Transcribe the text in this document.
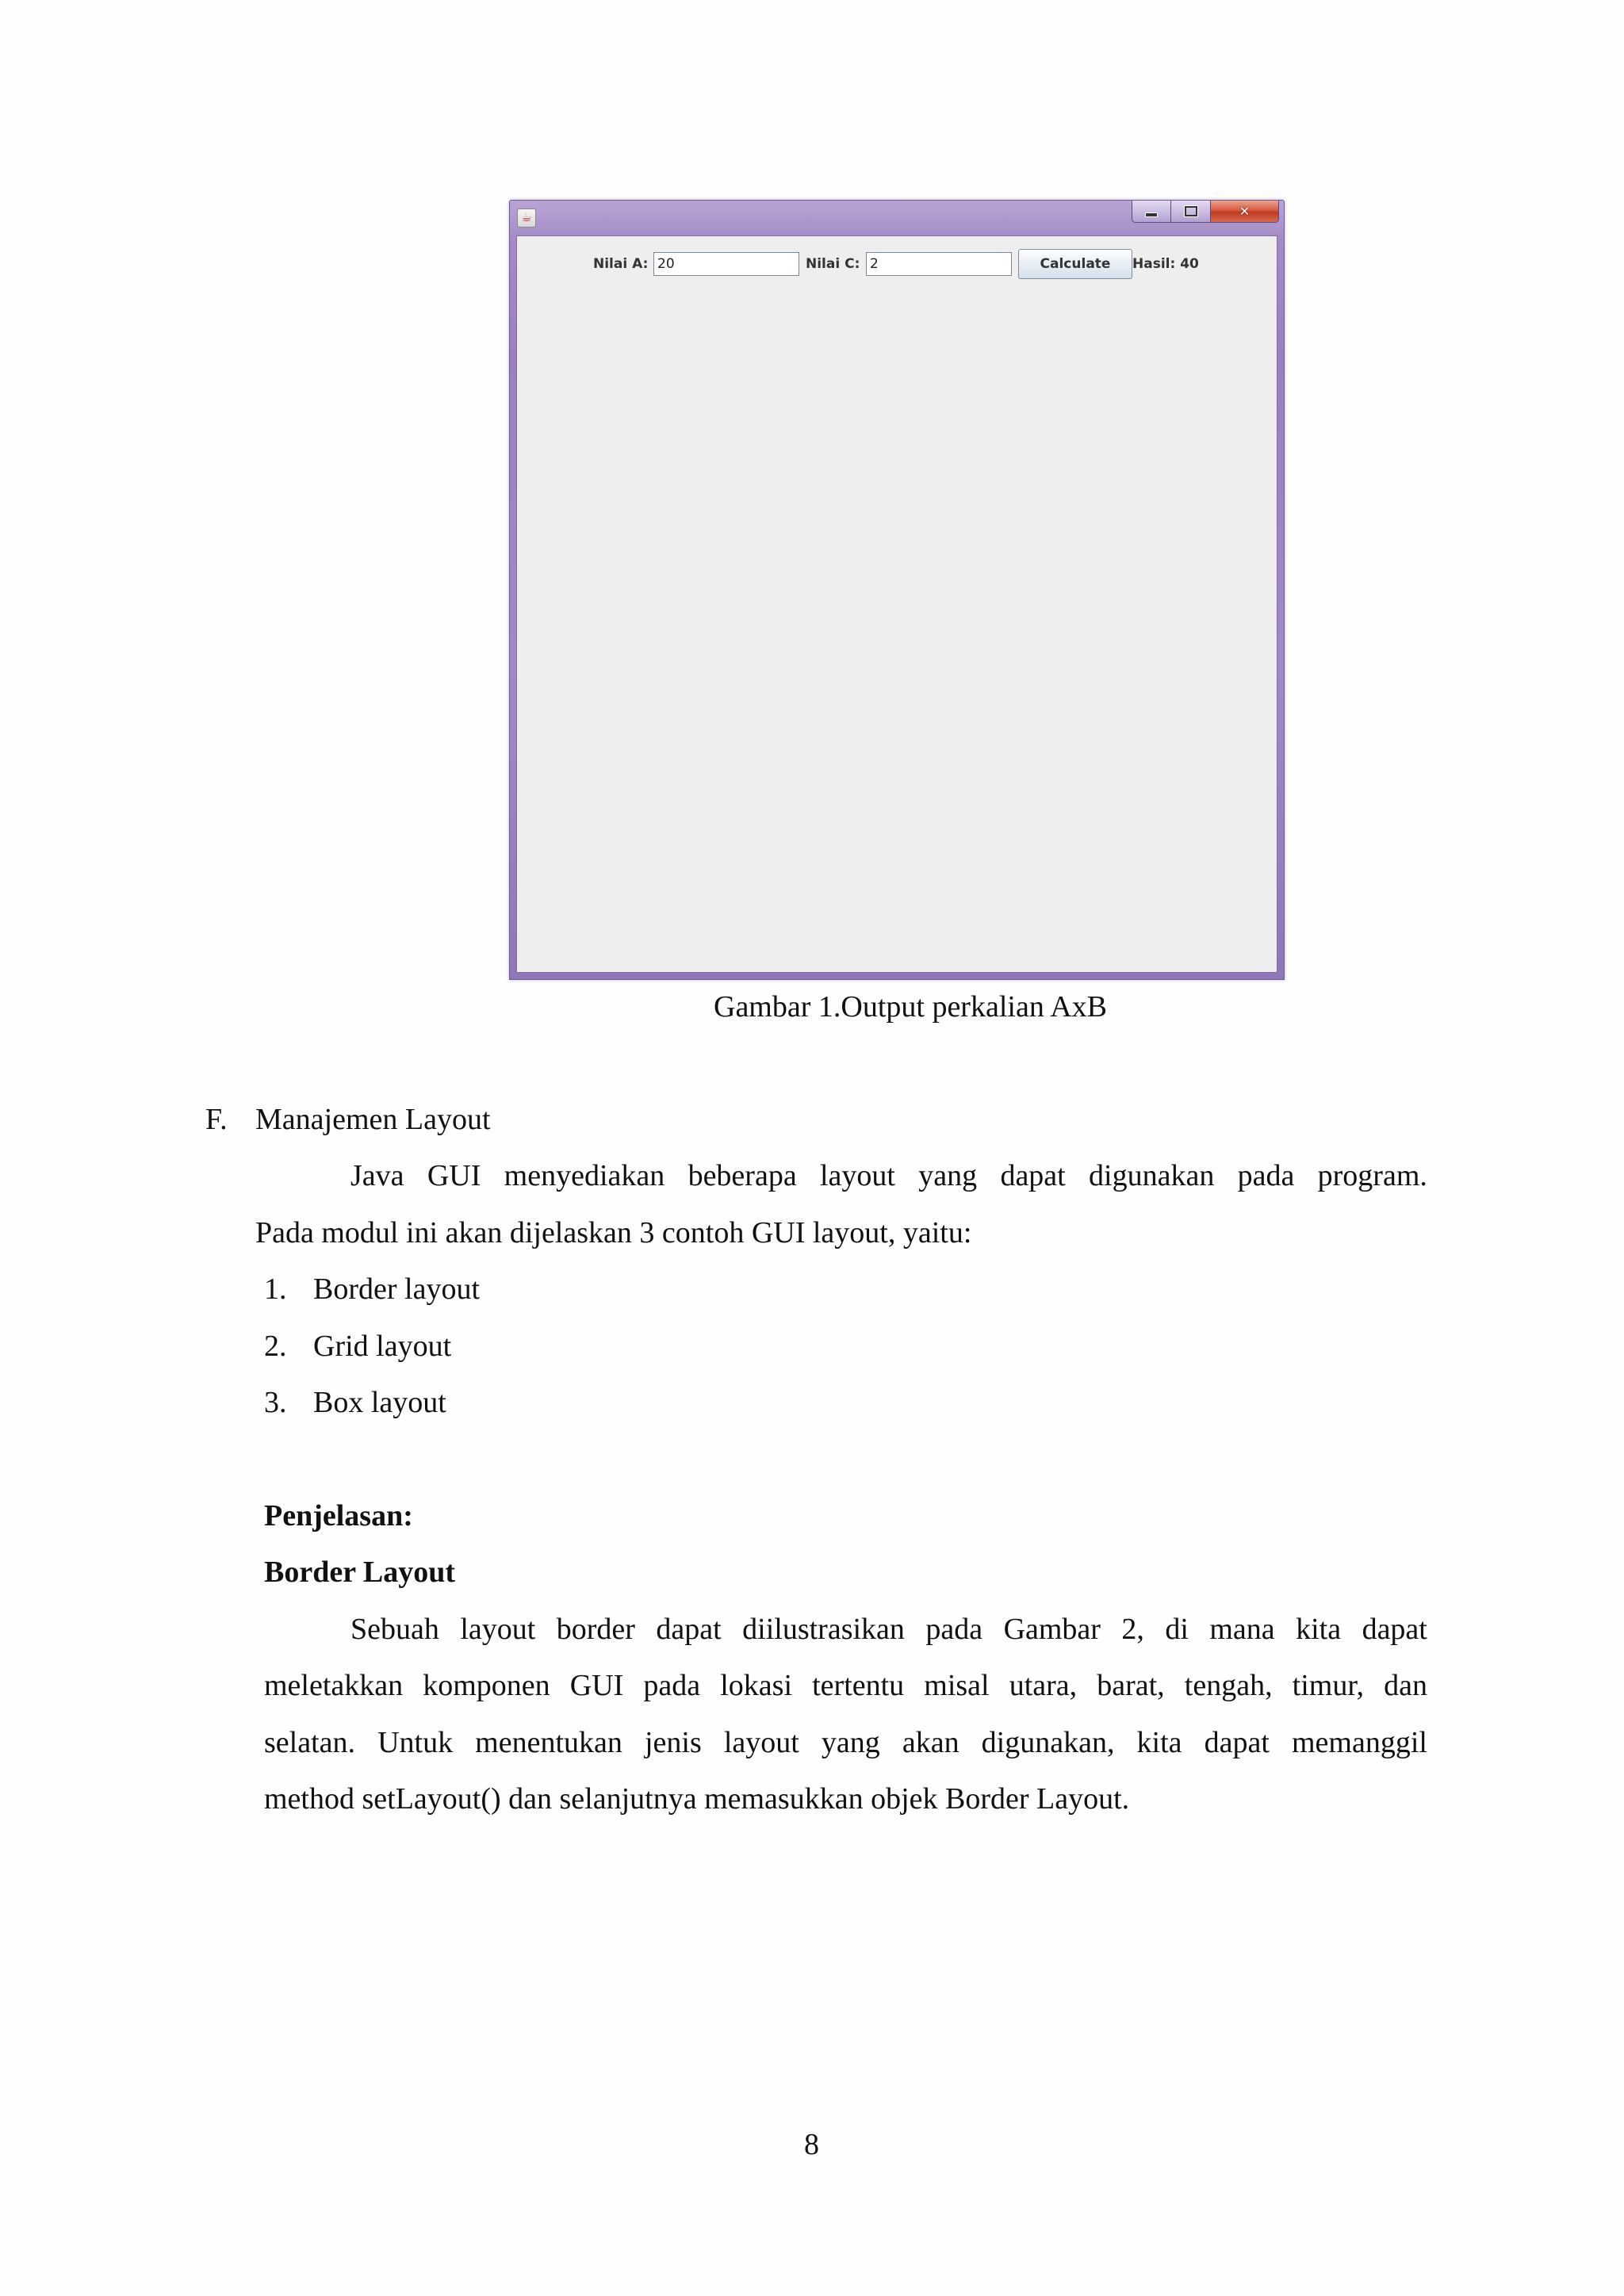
☕	✕
Nilai A:
20	Nilai C:
2	Calculate	Hasil: 40
Gambar 1.Output perkalian AxB
F. Manajemen Layout
Java GUI menyediakan beberapa layout yang dapat digunakan pada program.
Pada modul ini akan dijelaskan 3 contoh GUI layout, yaitu:
1. Border layout
2. Grid layout
3. Box layout
Penjelasan:
Border Layout
Sebuah layout border dapat diilustrasikan pada Gambar 2, di mana kita dapat
meletakkan komponen GUI pada lokasi tertentu misal utara, barat, tengah, timur, dan
selatan. Untuk menentukan jenis layout yang akan digunakan, kita dapat memanggil
method setLayout() dan selanjutnya memasukkan objek Border Layout.
8
